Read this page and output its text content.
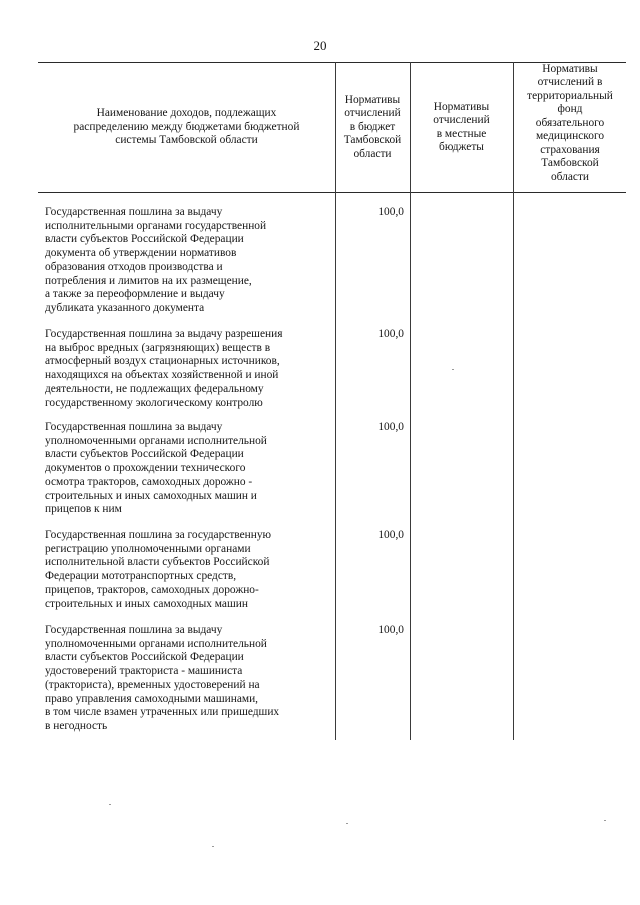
20
Наименование доходов, подлежащих
распределению между бюджетами бюджетной
системы Тамбовской области
Нормативы
отчислений
в бюджет
Тамбовской
области
Нормативы
отчислений
в местные
бюджеты
Нормативы
отчислений в
территориальный
фонд
обязательного
медицинского
страхования
Тамбовской
области
Государственная пошлина за выдачу
исполнительными органами государственной
власти субъектов Российской Федерации
документа об утверждении нормативов
образования отходов производства и
потребления и лимитов на их размещение,
а также за переоформление и выдачу
дубликата указанного документа
100,0
Государственная пошлина за выдачу разрешения
на выброс вредных (загрязняющих) веществ в
атмосферный воздух стационарных источников,
находящихся на объектах хозяйственной и иной
деятельности, не подлежащих федеральному
государственному экологическому контролю
100,0
Государственная пошлина за выдачу
уполномоченными органами исполнительной
власти субъектов Российской Федерации
документов о прохождении технического
осмотра тракторов, самоходных дорожно -
строительных и иных самоходных машин и
прицепов к ним
100,0
Государственная пошлина за государственную
регистрацию уполномоченными органами
исполнительной власти субъектов Российской
Федерации мототранспортных средств,
прицепов, тракторов, самоходных дорожно-
строительных и иных самоходных машин
100,0
Государственная пошлина за выдачу
уполномоченными органами исполнительной
власти субъектов Российской Федерации
удостоверений тракториста - машиниста
(тракториста), временных удостоверений на
право управления самоходными машинами,
в том числе взамен утраченных или пришедших
в негодность
100,0
